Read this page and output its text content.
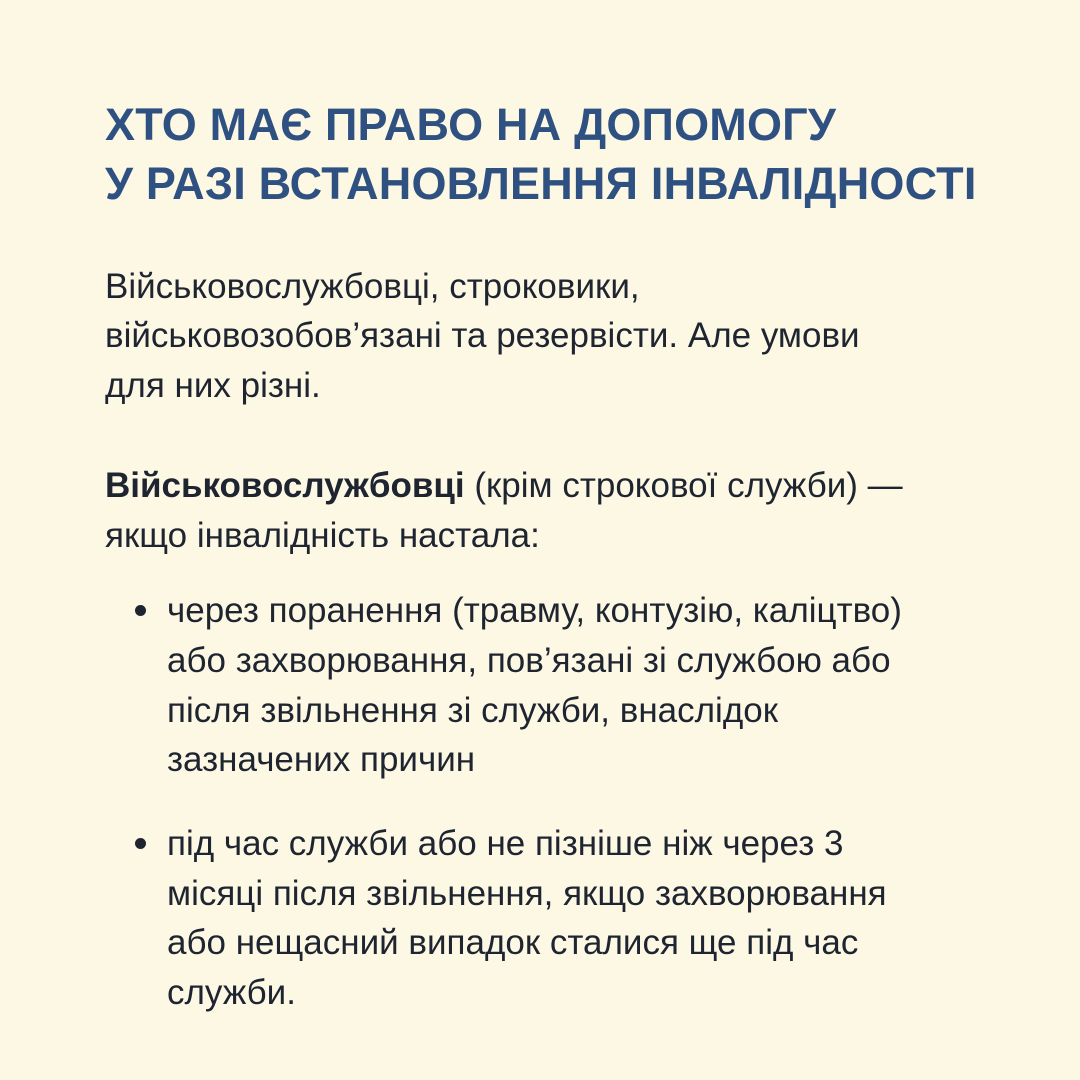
ХТО МАЄ ПРАВО НА ДОПОМОГУ
У РАЗІ ВСТАНОВЛЕННЯ ІНВАЛІДНОСТІ

Військовослужбовці, строковики,
військовозобов’язані та резервісти. Але умови
для них різні.

Військовослужбовці (крім строкової служби) — якщо інвалідність настала:

через поранення (травму, контузію, каліцтво)
або захворювання, пов’язані зі службою або
після звільнення зі служби, внаслідок
зазначених причин
під час служби або не пізніше ніж через 3
місяці після звільнення, якщо захворювання
або нещасний випадок сталися ще під час
служби.
